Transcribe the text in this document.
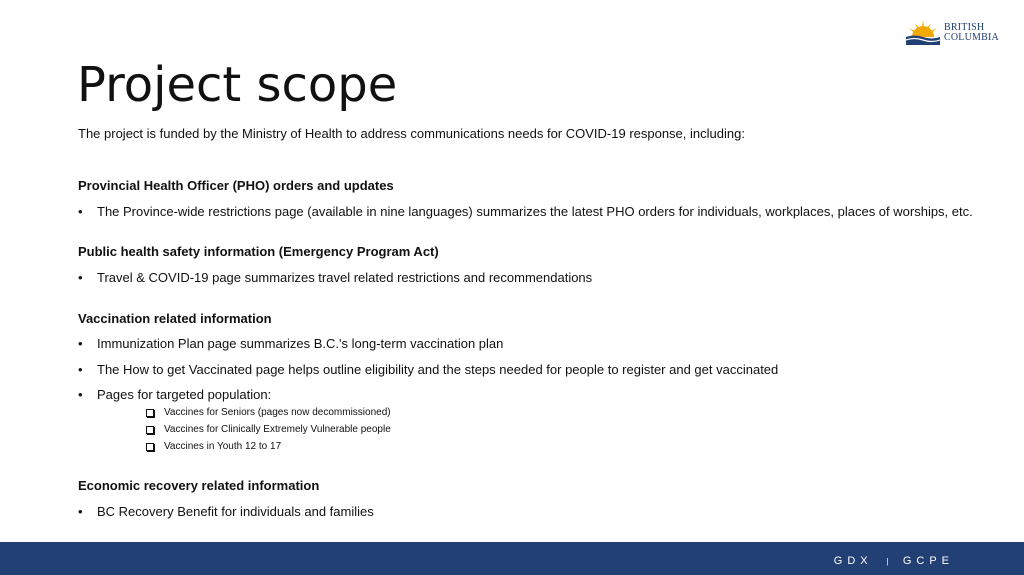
BRITISH
COLUMBIA
Project scope
The project is funded by the Ministry of Health to address communications needs for COVID-19 response, including:
Provincial Health Officer (PHO) orders and updates
• The Province-wide restrictions page (available in nine languages) summarizes the latest PHO orders for individuals, workplaces, places of worships, etc.
Public health safety information (Emergency Program Act)
• Travel & COVID-19 page summarizes travel related restrictions and recommendations
Vaccination related information
• Immunization Plan page summarizes B.C.'s long-term vaccination plan
• The How to get Vaccinated page helps outline eligibility and the steps needed for people to register and get vaccinated
• Pages for targeted population:
Vaccines for Seniors (pages now decommissioned)
Vaccines for Clinically Extremely Vulnerable people
Vaccines in Youth 12 to 17
Economic recovery related information
• BC Recovery Benefit for individuals and families
GDX | GCPE
